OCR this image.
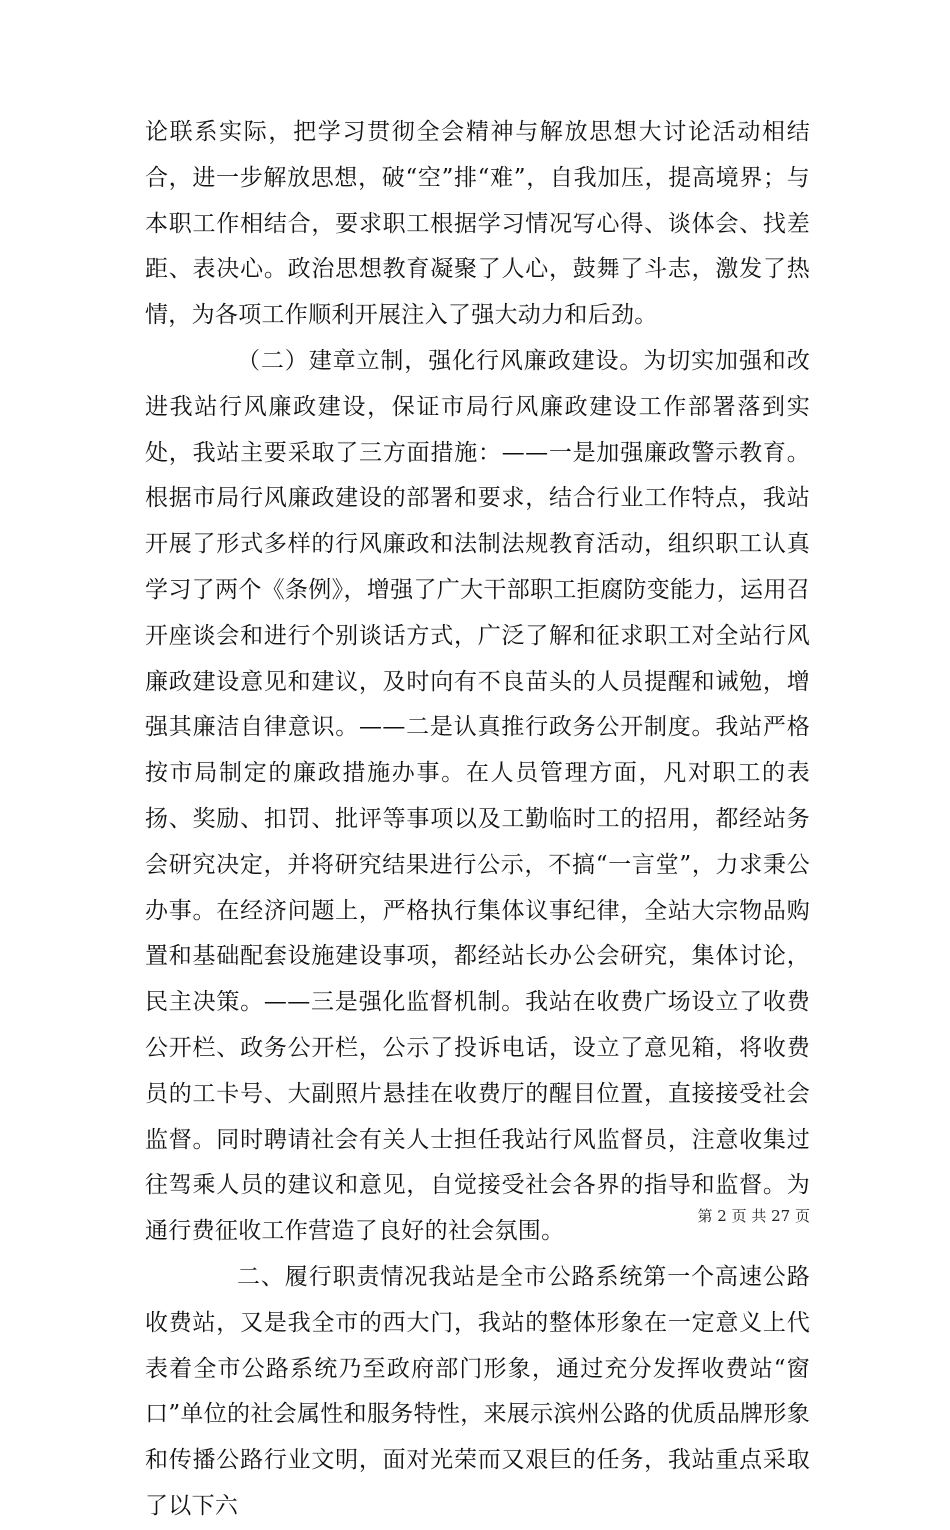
论联系实际，把学习贯彻全会精神与解放思想大讨论活动相结合，进一步解放思想，破“空”排“难”，自我加压，提高境界；与本职工作相结合，要求职工根据学习情况写心得、谈体会、找差距、表决心。政治思想教育凝聚了人心，鼓舞了斗志，激发了热情，为各项工作顺利开展注入了强大动力和后劲。

（二）建章立制，强化行风廉政建设。为切实加强和改进我站行风廉政建设，保证市局行风廉政建设工作部署落到实处，我站主要采取了三方面措施：——一是加强廉政警示教育。根据市局行风廉政建设的部署和要求，结合行业工作特点，我站开展了形式多样的行风廉政和法制法规教育活动，组织职工认真学习了两个《条例》，增强了广大干部职工拒腐防变能力，运用召开座谈会和进行个别谈话方式，广泛了解和征求职工对全站行风廉政建设意见和建议，及时向有不良苗头的人员提醒和诫勉，增强其廉洁自律意识。——二是认真推行政务公开制度。我站严格按市局制定的廉政措施办事。在人员管理方面，凡对职工的表扬、奖励、扣罚、批评等事项以及工勤临时工的招用，都经站务会研究决定，并将研究结果进行公示，不搞“一言堂”，力求秉公办事。在经济问题上，严格执行集体议事纪律，全站大宗物品购置和基础配套设施建设事项，都经站长办公会研究，集体讨论，民主决策。——三是强化监督机制。我站在收费广场设立了收费公开栏、政务公开栏，公示了投诉电话，设立了意见箱，将收费员的工卡号、大副照片悬挂在收费厅的醒目位置，直接接受社会监督。同时聘请社会有关人士担任我站行风监督员，注意收集过往驾乘人员的建议和意见，自觉接受社会各界的指导和监督。为通行费征收工作营造了良好的社会氛围。

二、履行职责情况我站是全市公路系统第一个高速公路收费站，又是我全市的西大门，我站的整体形象在一定意义上代表着全市公路系统乃至政府部门形象，通过充分发挥收费站“窗口”单位的社会属性和服务特性，来展示滨州公路的优质品牌形象和传播公路行业文明，面对光荣而又艰巨的任务，我站重点采取了以下六

第 2 页 共 27 页
